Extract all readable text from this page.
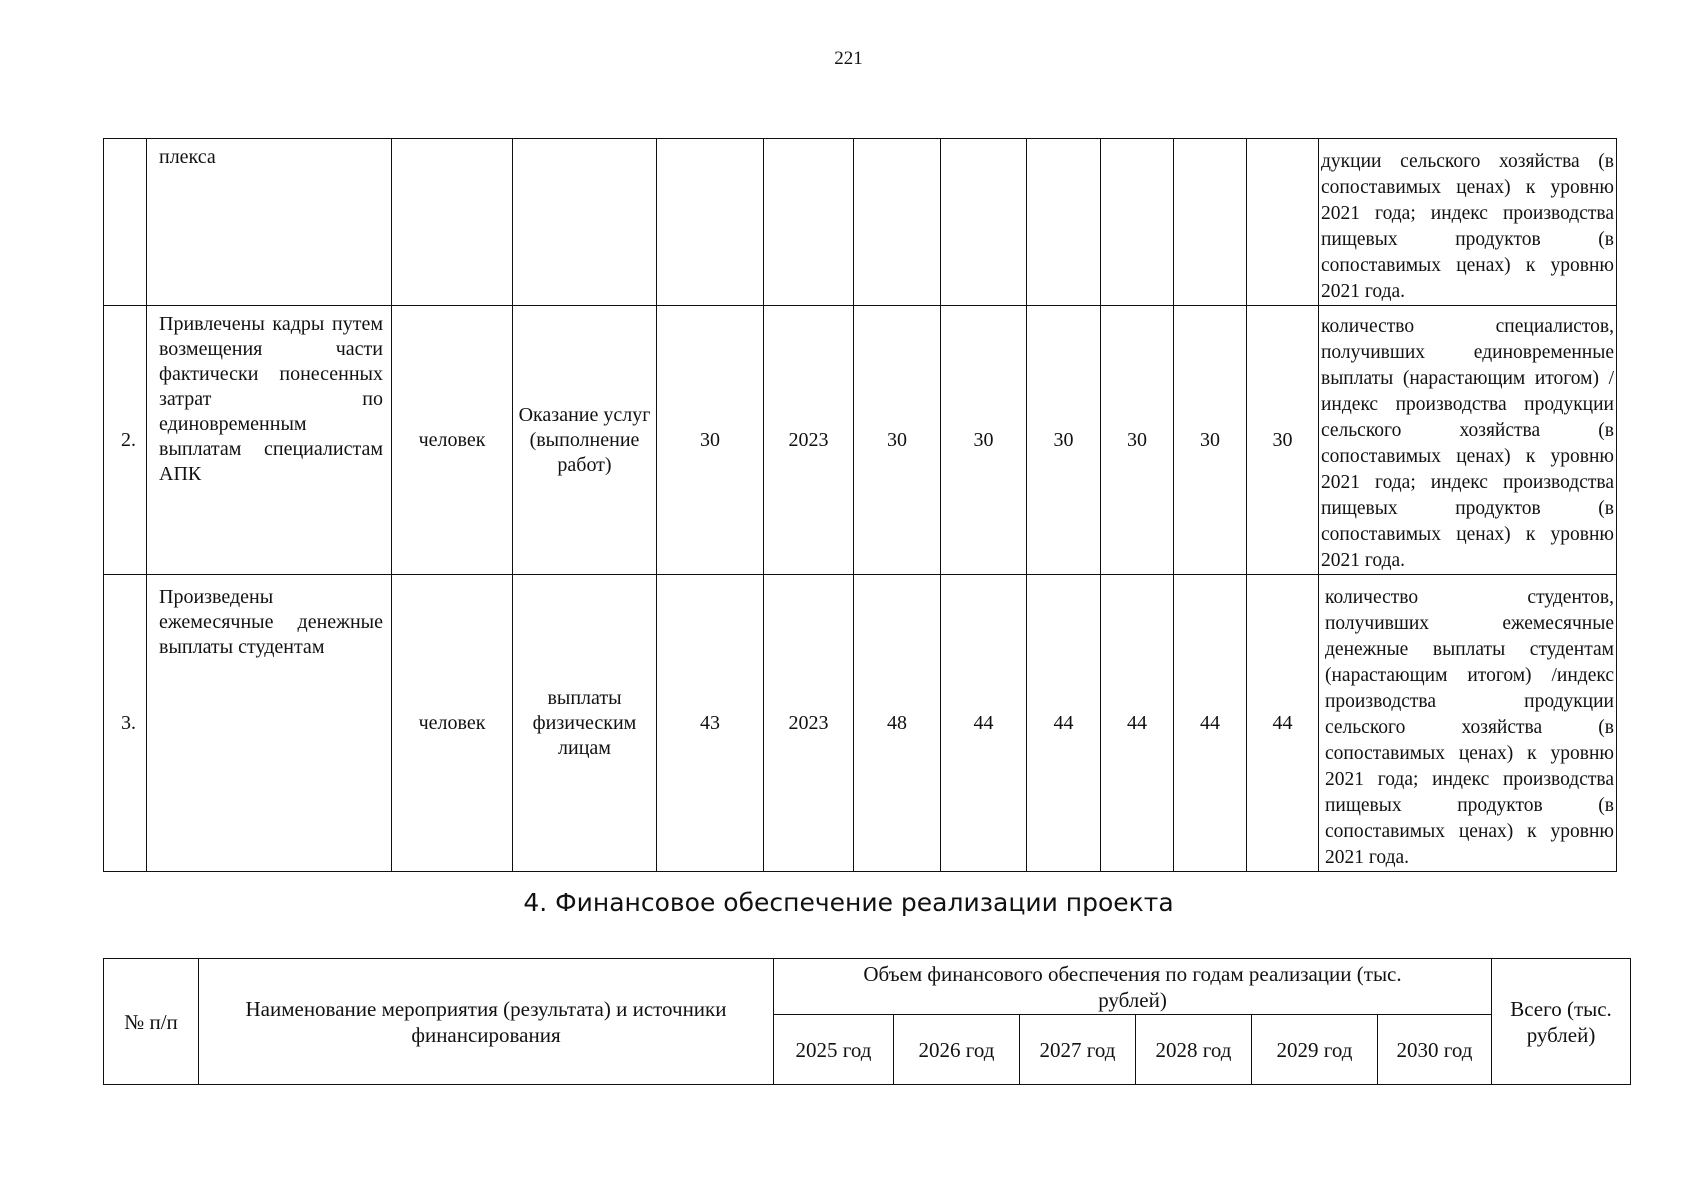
221
	плекса											дукции сельского хозяйства (в сопоставимых ценах) к уровню 2021 года; индекс производства пищевых продуктов (в сопоставимых ценах) к уровню 2021 года.
2.	Привлечены кадры путем возмещения части фактически понесенных затрат по единовременным выплатам специалистам АПК	человек	Оказание услуг (выполнение работ)	30	2023	30	30	30	30	30	30	количество специалистов, получивших единовременные выплаты (нарастающим итогом) / индекс производства продукции сельского хозяйства (в сопоставимых ценах) к уровню 2021 года; индекс производства пищевых продуктов (в сопоставимых ценах) к уровню 2021 года.
3.	Произведены ежемесячные денежные выплаты студентам	человек	выплаты физическим лицам	43	2023	48	44	44	44	44	44	количество студентов, получивших ежемесячные денежные выплаты студентам (нарастающим итогом) /индекс производства продукции сельского хозяйства (в сопоставимых ценах) к уровню 2021 года; индекс производства пищевых продуктов (в сопоставимых ценах) к уровню 2021 года.
4. Финансовое обеспечение реализации проекта
№ п/п	Наименование мероприятия (результата) и источники финансирования	Объем финансового обеспечения по годам реализации (тыс. рублей)						Всего (тыс. рублей)
		2025 год	2026 год	2027 год	2028 год	2029 год	2030 год	
